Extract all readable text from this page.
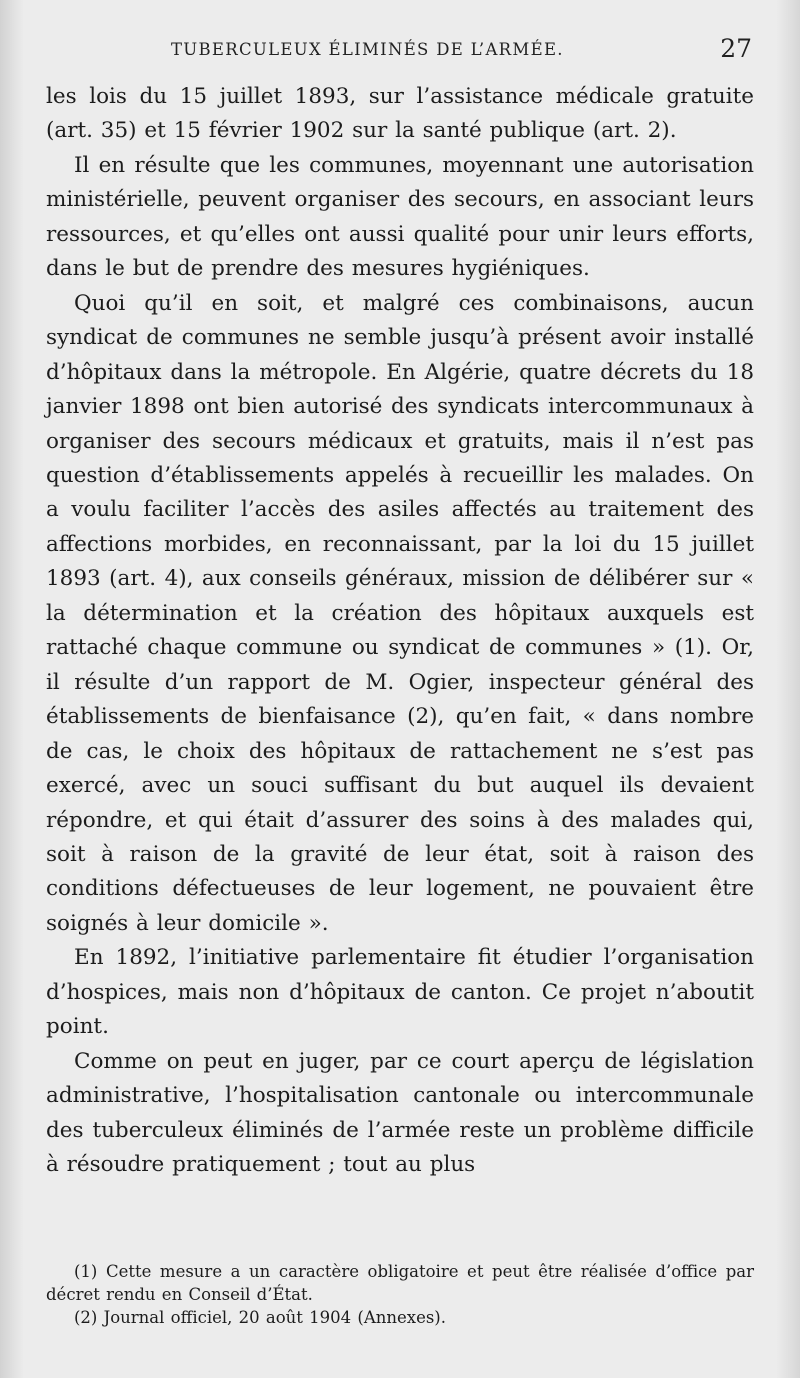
TUBERCULEUX ÉLIMINÉS DE L’ARMÉE.	27

les lois du 15 juillet 1893, sur l’assistance médicale gratuite (art. 35) et 15 février 1902 sur la santé publique (art. 2).

Il en résulte que les communes, moyennant une autorisation ministérielle, peuvent organiser des secours, en associant leurs ressources, et qu’elles ont aussi qualité pour unir leurs efforts, dans le but de prendre des mesures hygiéniques.

Quoi qu’il en soit, et malgré ces combinaisons, aucun syndicat de communes ne semble jusqu’à présent avoir installé d’hôpitaux dans la métropole. En Algérie, quatre décrets du 18 janvier 1898 ont bien autorisé des syndicats intercommunaux à organiser des secours médicaux et gratuits, mais il n’est pas question d’établissements appelés à recueillir les malades. On a voulu faciliter l’accès des asiles affectés au traitement des affections morbides, en reconnaissant, par la loi du 15 juillet 1893 (art. 4), aux conseils généraux, mission de délibérer sur « la détermination et la création des hôpitaux auxquels est rattaché chaque commune ou syndicat de communes » (1). Or, il résulte d’un rapport de M. Ogier, inspecteur général des établissements de bienfaisance (2), qu’en fait, « dans nombre de cas, le choix des hôpitaux de rattachement ne s’est pas exercé, avec un souci suffisant du but auquel ils devaient répondre, et qui était d’assurer des soins à des malades qui, soit à raison de la gravité de leur état, soit à raison des conditions défectueuses de leur logement, ne pouvaient être soignés à leur domicile ».

En 1892, l’initiative parlementaire fit étudier l’organisation d’hospices, mais non d’hôpitaux de canton. Ce projet n’aboutit point.

Comme on peut en juger, par ce court aperçu de législation administrative, l’hospitalisation cantonale ou intercommunale des tuberculeux éliminés de l’armée reste un problème difficile à résoudre pratiquement ; tout au plus

(1) Cette mesure a un caractère obligatoire et peut être réalisée d’office par décret rendu en Conseil d’État.

(2) Journal officiel, 20 août 1904 (Annexes).
